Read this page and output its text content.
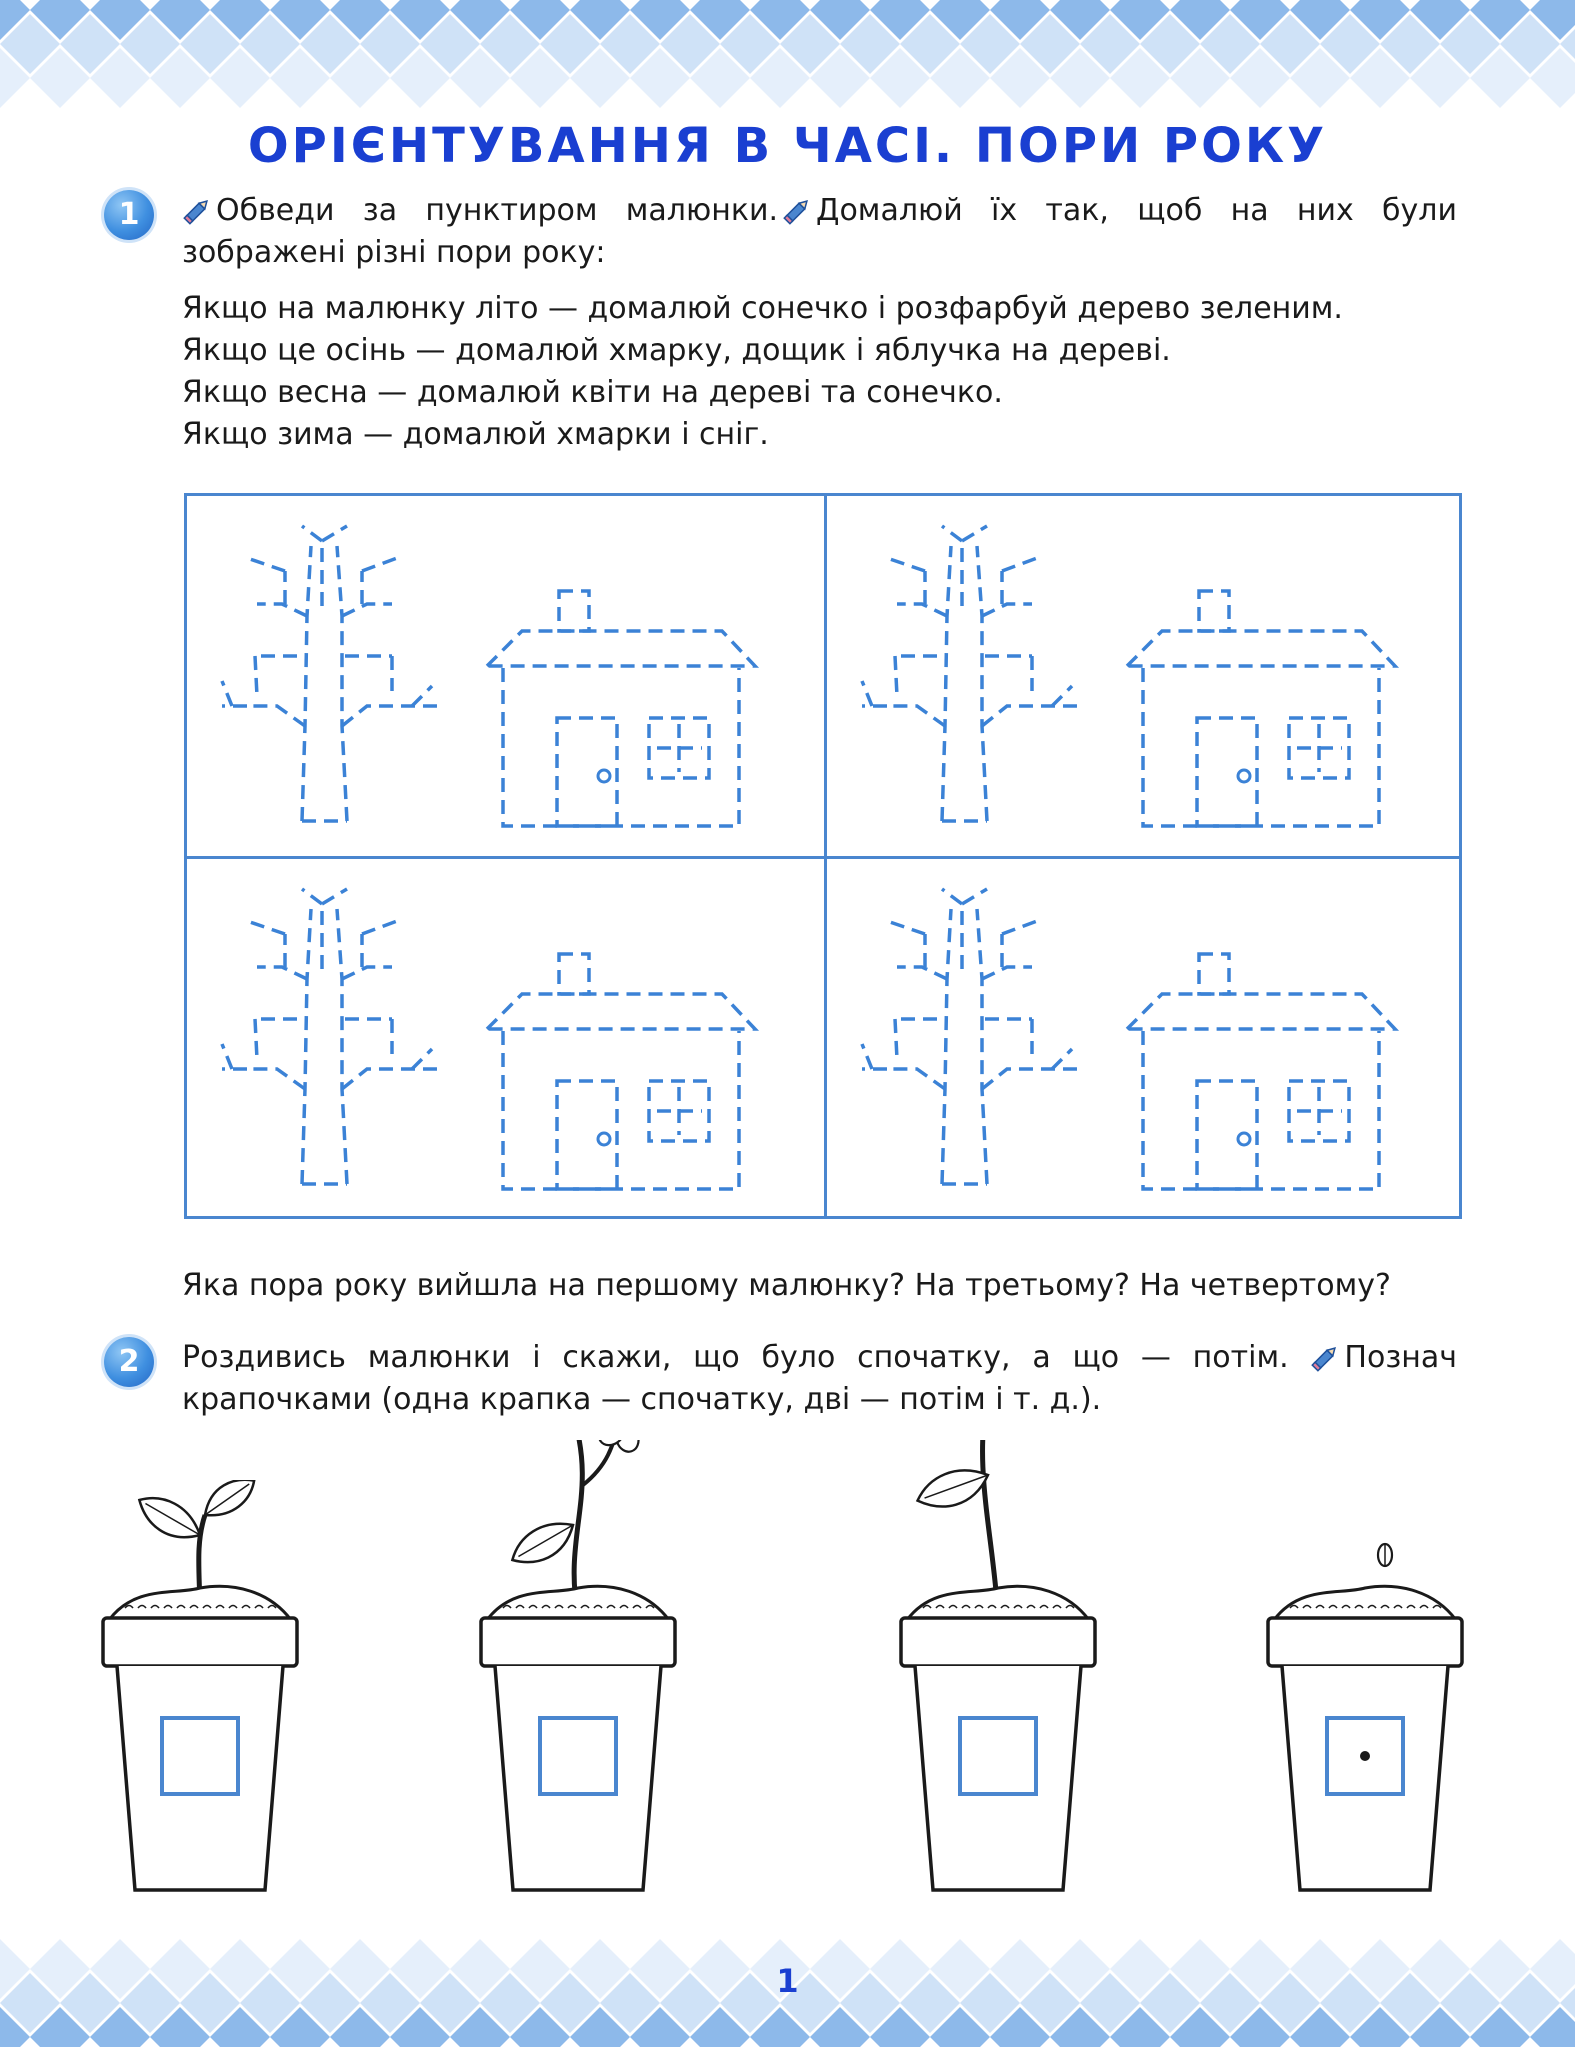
ОРІЄНТУВАННЯ В ЧАСІ. ПОРИ РОКУ
1	Обведи за пунктиром малюнки. Домалюй їх так, щоб на них були зображені різні пори року:

Якщо на малюнку літо — домалюй сонечко і розфарбуй дерево зеленим.
Якщо це осінь — домалюй хмарку, дощик і яблучка на дереві.
Якщо весна — домалюй квіти на дереві та сонечко.
Якщо зима — домалюй хмарки і сніг.

Яка пора року вийшла на першому малюнку? На третьому? На четвертому?

2	Роздивись малюнки і скажи, що було спочатку, а що — потім. Познач крапочками (одна крапка — спочатку, дві — потім і т. д.).

1
